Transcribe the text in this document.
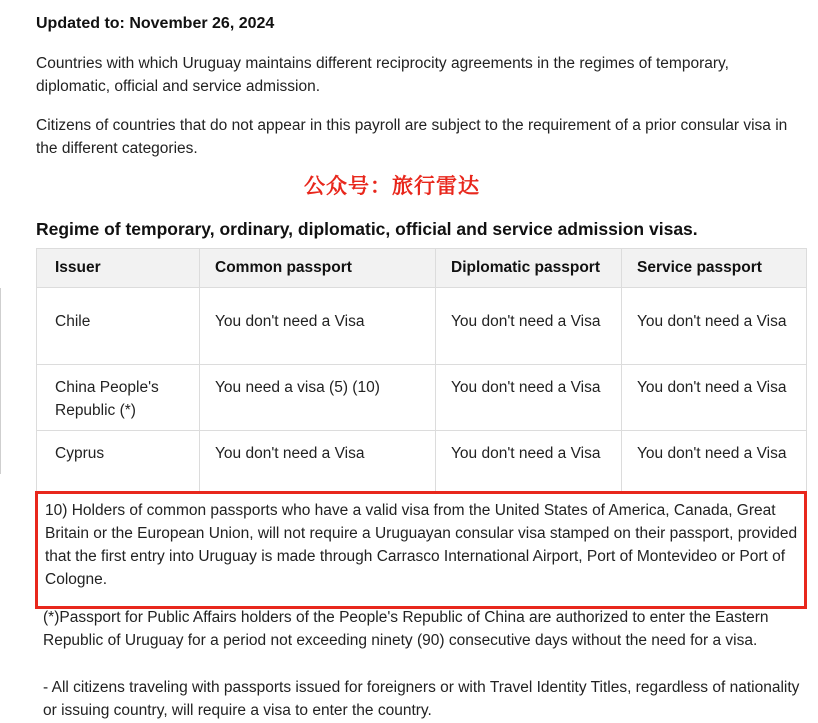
Updated to: November 26, 2024
Countries with which Uruguay maintains different reciprocity agreements in the regimes of temporary, diplomatic, official and service admission.
Citizens of countries that do not appear in this payroll are subject to the requirement of a prior consular visa in the different categories.
公众号：旅行雷达
Regime of temporary, ordinary, diplomatic, official and service admission visas.
Issuer	Common passport	Diplomatic passport	Service passport

Chile	You don't need a Visa	You don't need a Visa	You don't need a Visa
China People's Republic (*)	You need a visa (5) (10)	You don't need a Visa	You don't need a Visa
Cyprus	You don't need a Visa	You don't need a Visa	You don't need a Visa
10) Holders of common passports who have a valid visa from the United States of America, Canada, Great Britain or the European Union, will not require a Uruguayan consular visa stamped on their passport, provided that the first entry into Uruguay is made through Carrasco International Airport, Port of Montevideo or Port of Cologne.
(*)Passport for Public Affairs holders of the People's Republic of China are authorized to enter the Eastern Republic of Uruguay for a period not exceeding ninety (90) consecutive days without the need for a visa.
- All citizens traveling with passports issued for foreigners or with Travel Identity Titles, regardless of nationality or issuing country, will require a visa to enter the country.
